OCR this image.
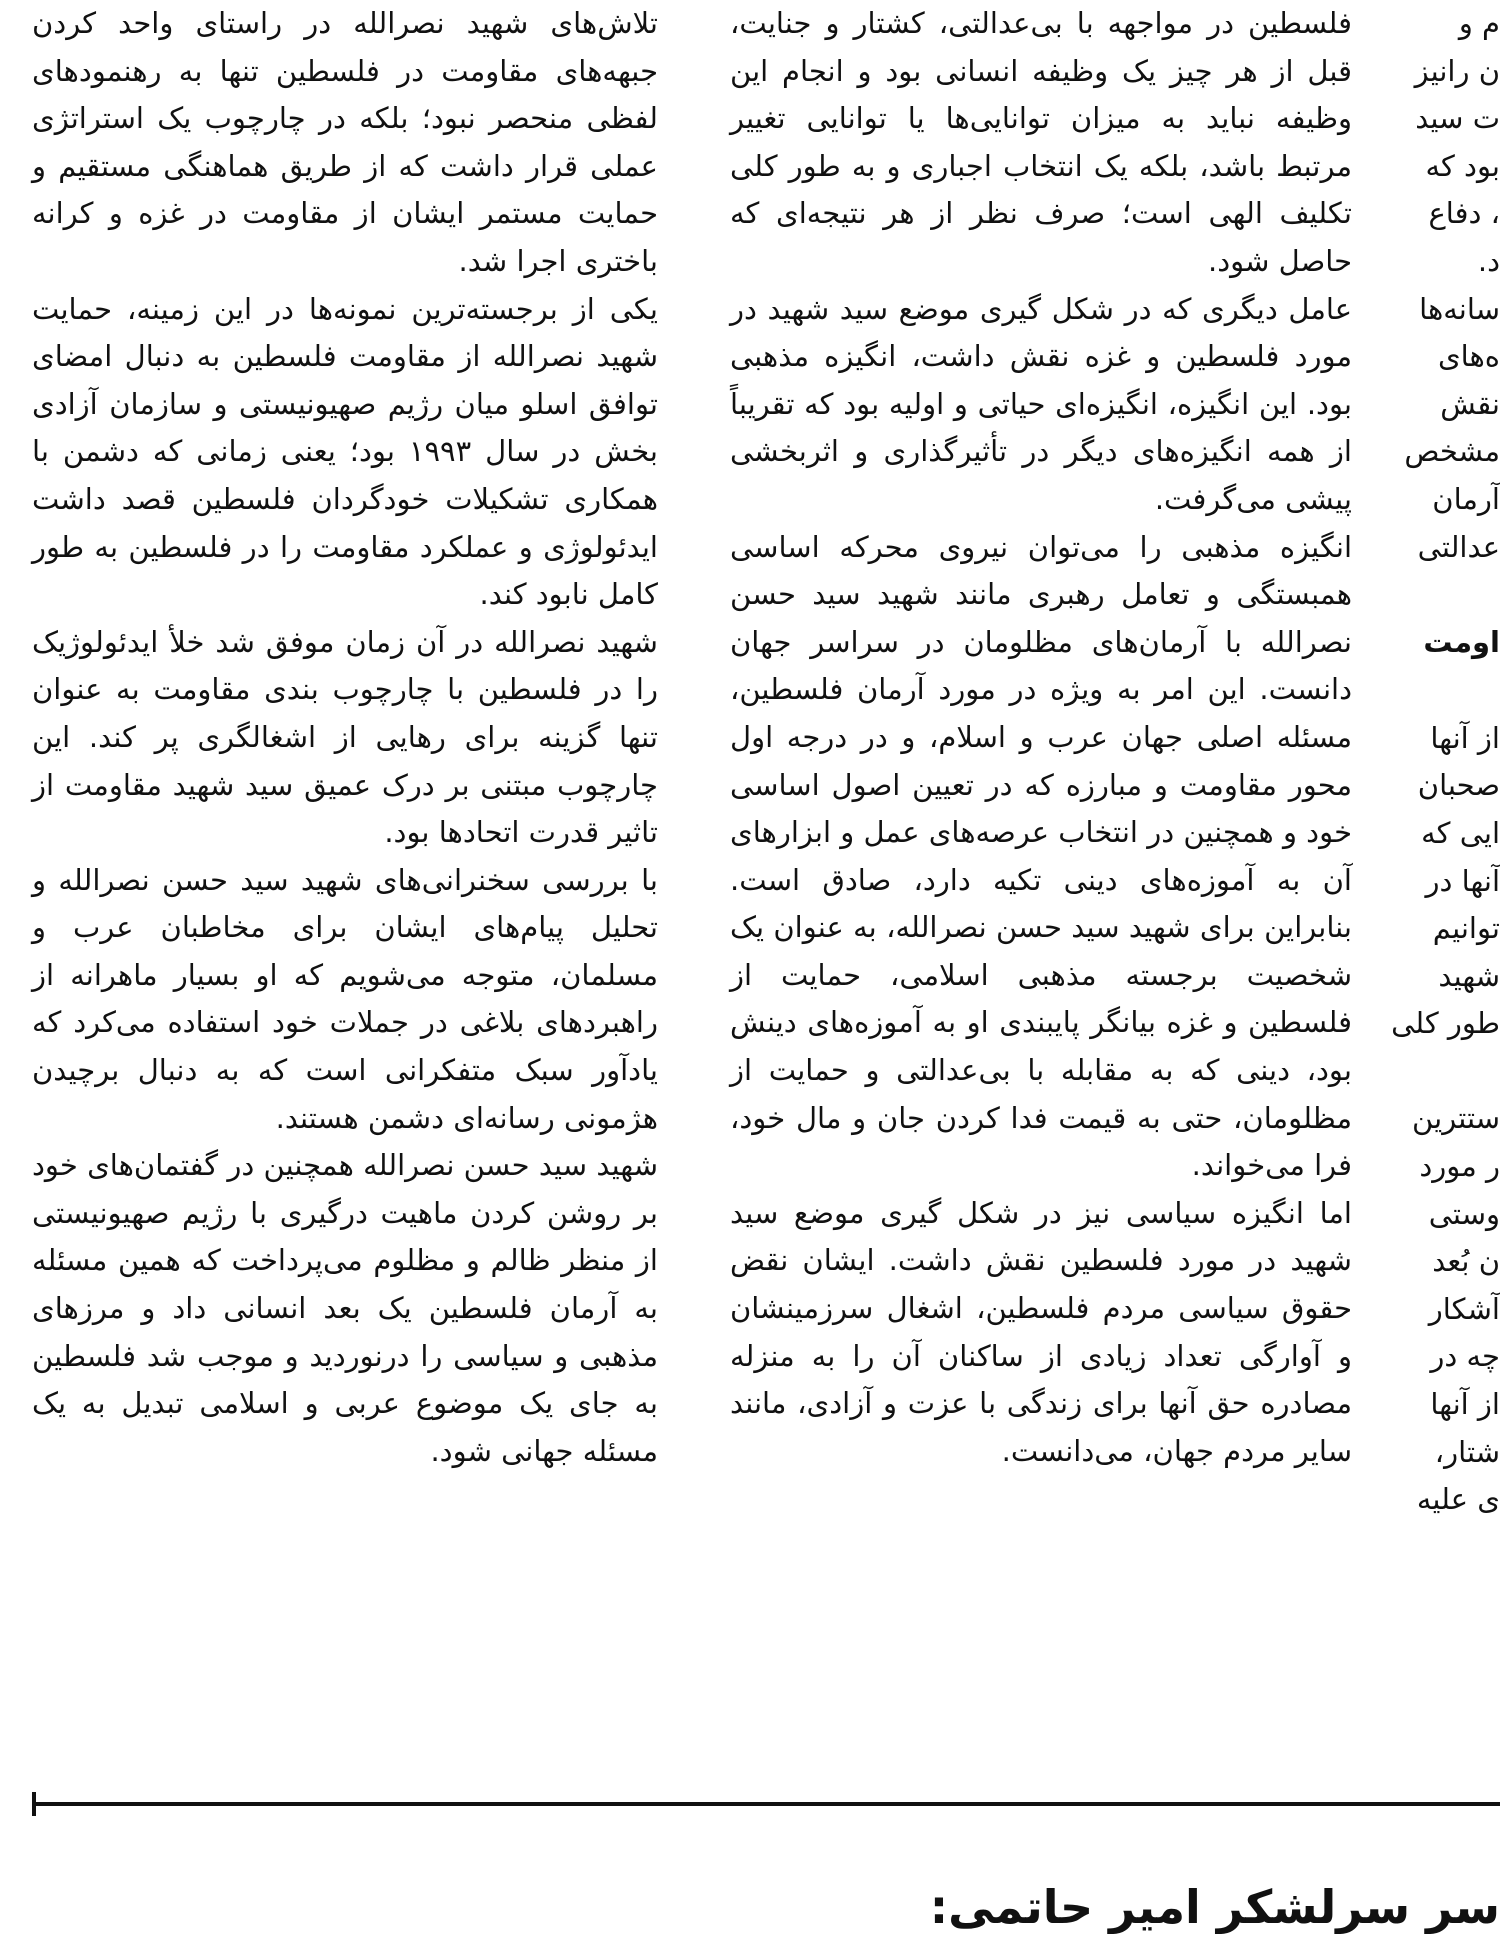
تلاش‌های شهید نصرالله در راستای واحد کردن جبهه‌های مقاومت در فلسطین تنها به رهنمودهای لفظی منحصر نبود؛ بلکه در چارچوب یک استراتژی عملی قرار داشت که از طریق هماهنگی مستقیم و حمایت مستمر ایشان از مقاومت در غزه و کرانه باختری اجرا شد.

یکی از برجسته‌ترین نمونه‌ها در این زمینه، حمایت شهید نصرالله از مقاومت فلسطین به دنبال امضای توافق اسلو میان رژیم صهیونیستی و سازمان آزادی بخش در سال ۱۹۹۳ بود؛ یعنی زمانی که دشمن با همکاری تشکیلات خودگردان فلسطین قصد داشت ایدئولوژی و عملکرد مقاومت را در فلسطین به طور کامل نابود کند.

شهید نصرالله در آن زمان موفق شد خلأ ایدئولوژیک را در فلسطین با چارچوب بندی مقاومت به عنوان تنها گزینه برای رهایی از اشغالگری پر کند. این چارچوب مبتنی بر درک عمیق سید شهید مقاومت از تاثیر قدرت اتحادها بود.

با بررسی سخنرانی‌های شهید سید حسن نصرالله و تحلیل پیام‌های ایشان برای مخاطبان عرب و مسلمان، متوجه می‌شویم که او بسیار ماهرانه از راهبردهای بلاغی در جملات خود استفاده می‌کرد که یادآور سبک متفکرانی است که به دنبال برچیدن هژمونی رسانه‌ای دشمن هستند.

شهید سید حسن نصرالله همچنین در گفتمان‌های خود بر روشن کردن ماهیت درگیری با رژیم صهیونیستی از منظر ظالم و مظلوم می‌پرداخت که همین مسئله به آرمان فلسطین یک بعد انسانی داد و مرزهای مذهبی و سیاسی را درنوردید و موجب شد فلسطین به جای یک موضوع عربی و اسلامی تبدیل به یک مسئله جهانی شود.

فلسطین در مواجهه با بی‌عدالتی، کشتار و جنایت، قبل از هر چیز یک وظیفه انسانی بود و انجام این وظیفه نباید به میزان توانایی‌ها یا توانایی تغییر مرتبط باشد، بلکه یک انتخاب اجباری و به طور کلی تکلیف الهی است؛ صرف نظر از هر نتیجه‌ای که حاصل شود.

عامل دیگری که در شکل گیری موضع سید شهید در مورد فلسطین و غزه نقش داشت، انگیزه مذهبی بود. این انگیزه، انگیزه‌ای حیاتی و اولیه بود که تقریباً از همه انگیزه‌های دیگر در تأثیرگذاری و اثربخشی پیشی می‌گرفت.

انگیزه مذهبی را می‌توان نیروی محرکه اساسی همبستگی و تعامل رهبری مانند شهید سید حسن نصرالله با آرمان‌های مظلومان در سراسر جهان دانست. این امر به ویژه در مورد آرمان فلسطین، مسئله اصلی جهان عرب و اسلام، و در درجه اول محور مقاومت و مبارزه که در تعیین اصول اساسی خود و همچنین در انتخاب عرصه‌های عمل و ابزارهای آن به آموزه‌های دینی تکیه دارد، صادق است. بنابراین برای شهید سید حسن نصرالله، به عنوان یک شخصیت برجسته مذهبی اسلامی، حمایت از فلسطین و غزه بیانگر پایبندی او به آموزه‌های دینش بود، دینی که به مقابله با بی‌عدالتی و حمایت از مظلومان، حتی به قیمت فدا کردن جان و مال خود، فرا می‌خواند.

اما انگیزه سیاسی نیز در شکل گیری موضع سید شهید در مورد فلسطین نقش داشت. ایشان نقض حقوق سیاسی مردم فلسطین، اشغال سرزمینشان و آوارگی تعداد زیادی از ساکنان آن را به منزله مصادره حق آنها برای زندگی با عزت و آزادی، مانند سایر مردم جهان، می‌دانست.

م و

ن رانیز

ت سید

بود که

، دفاع

د.

سانه‌ها

ه‌های

نقش

مشخص

آرمان

عدالتی

اومت

از آنها

صحبان

ایی که

آنها در

توانیم

شهید

طور کلی

ستترین

ر مورد

وستی

ن بُعد

آشکار

چه در

از آنها

شتار،

ی علیه

سر سرلشکر امیر حاتمی:
